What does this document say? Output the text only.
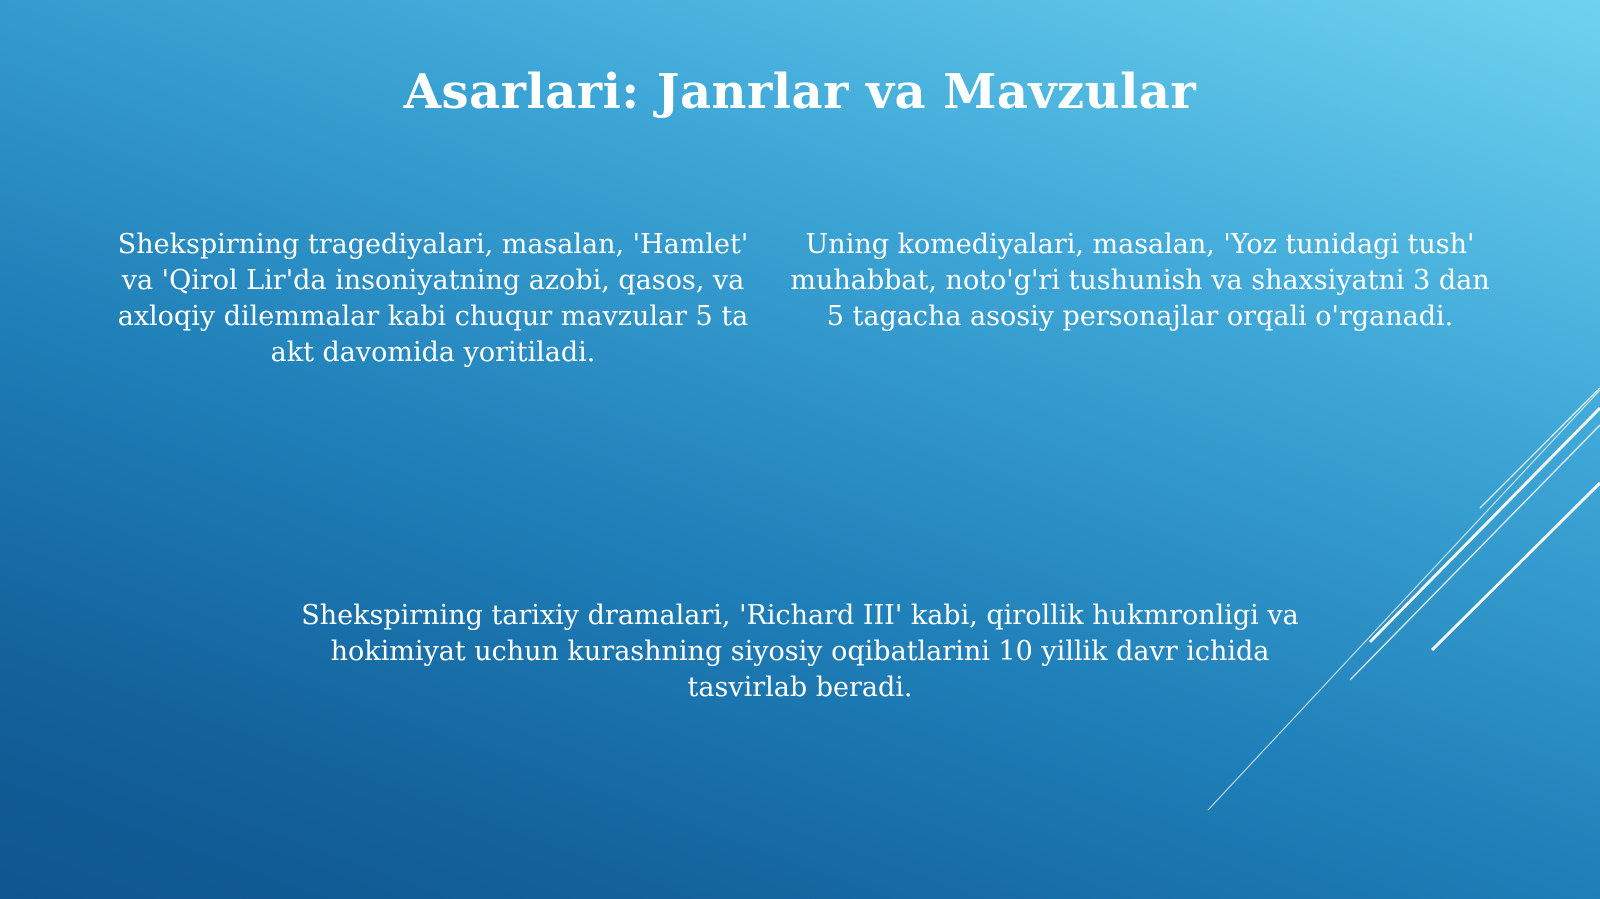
Asarlari: Janrlar va Mavzular
Shekspirning tragediyalari, masalan, 'Hamlet' va 'Qirol Lir'da insoniyatning azobi, qasos, va axloqiy dilemmalar kabi chuqur mavzular 5 ta akt davomida yoritiladi.
Uning komediyalari, masalan, 'Yoz tunidagi tush' muhabbat, noto'g'ri tushunish va shaxsiyatni 3 dan 5 tagacha asosiy personajlar orqali o'rganadi.
Shekspirning tarixiy dramalari, 'Richard III' kabi, qirollik hukmronligi va hokimiyat uchun kurashning siyosiy oqibatlarini 10 yillik davr ichida tasvirlab beradi.
